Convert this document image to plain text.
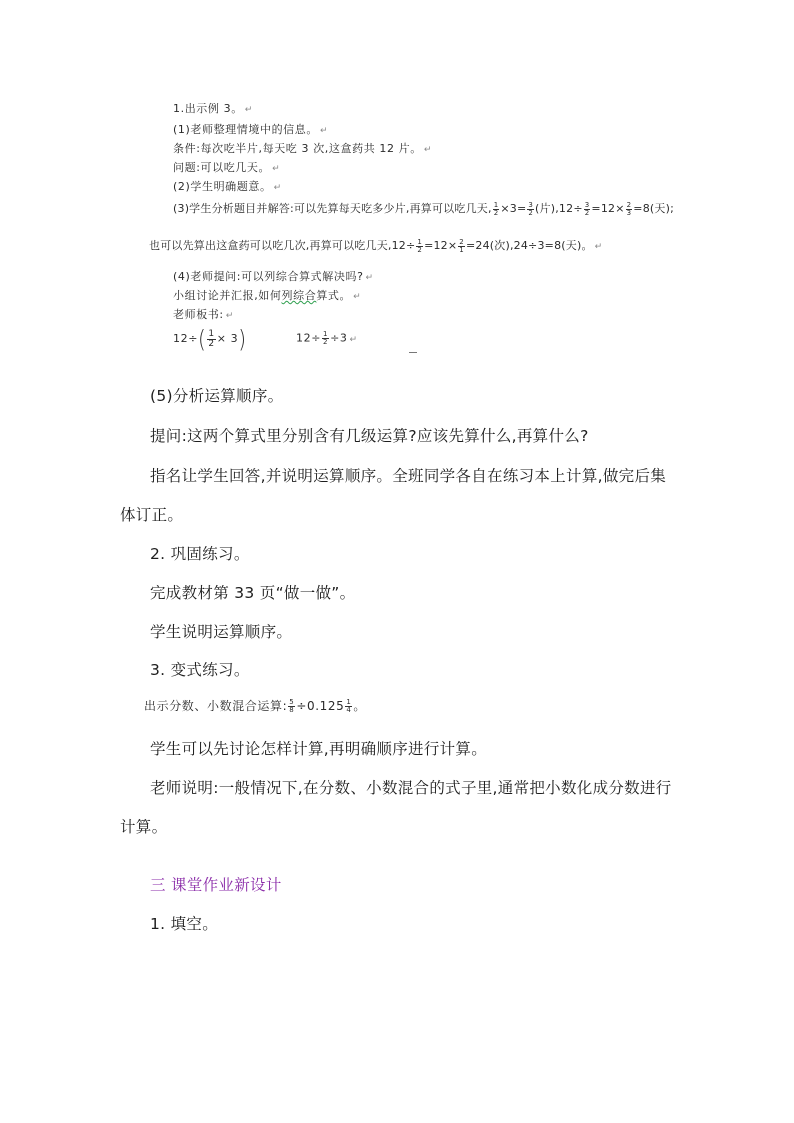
1.出示例 3。 ↵
(1)老师整理情境中的信息。 ↵
条件:每次吃半片,每天吃 3 次,这盒药共 12 片。 ↵
问题:可以吃几天。 ↵
(2)学生明确题意。 ↵
(3)学生分析题目并解答:可以先算每天吃多少片,再算可以吃几天, $\frac{1}{2} \times 3= \frac{3}{2}$ (片)$,12\div \frac{3}{2} =12\times \frac{2}{3} =8$(天);
也可以先算出这盒药可以吃几次,再算可以吃几天$,12\div \frac{1}{2} =12\times \frac{2}{1} =24$(次),24÷3=8(天)。 ↵
(4)老师提问:可以列综合算式解决吗? ↵
小组讨论并汇报,如何列综合算式。 ↵
老师板书: ↵
$12\div( \frac{1}{2} \times 3)$	$12\div \frac{1}{2} \div 3$ ↵
(5)分析运算顺序。
提问:这两个算式里分别含有几级运算?应该先算什么,再算什么?
指名让学生回答,并说明运算顺序。全班同学各自在练习本上计算,做完后集
体订正。
2. 巩固练习。
完成教材第 33 页“做一做”。
学生说明运算顺序。
3. 变式练习。
出示分数、小数混合运算: $\frac{5}{8} \div 0.125 \frac{1}{4}$ 。
学生可以先讨论怎样计算,再明确顺序进行计算。
老师说明:一般情况下,在分数、小数混合的式子里,通常把小数化成分数进行
计算。
三 课堂作业新设计
1. 填空。
